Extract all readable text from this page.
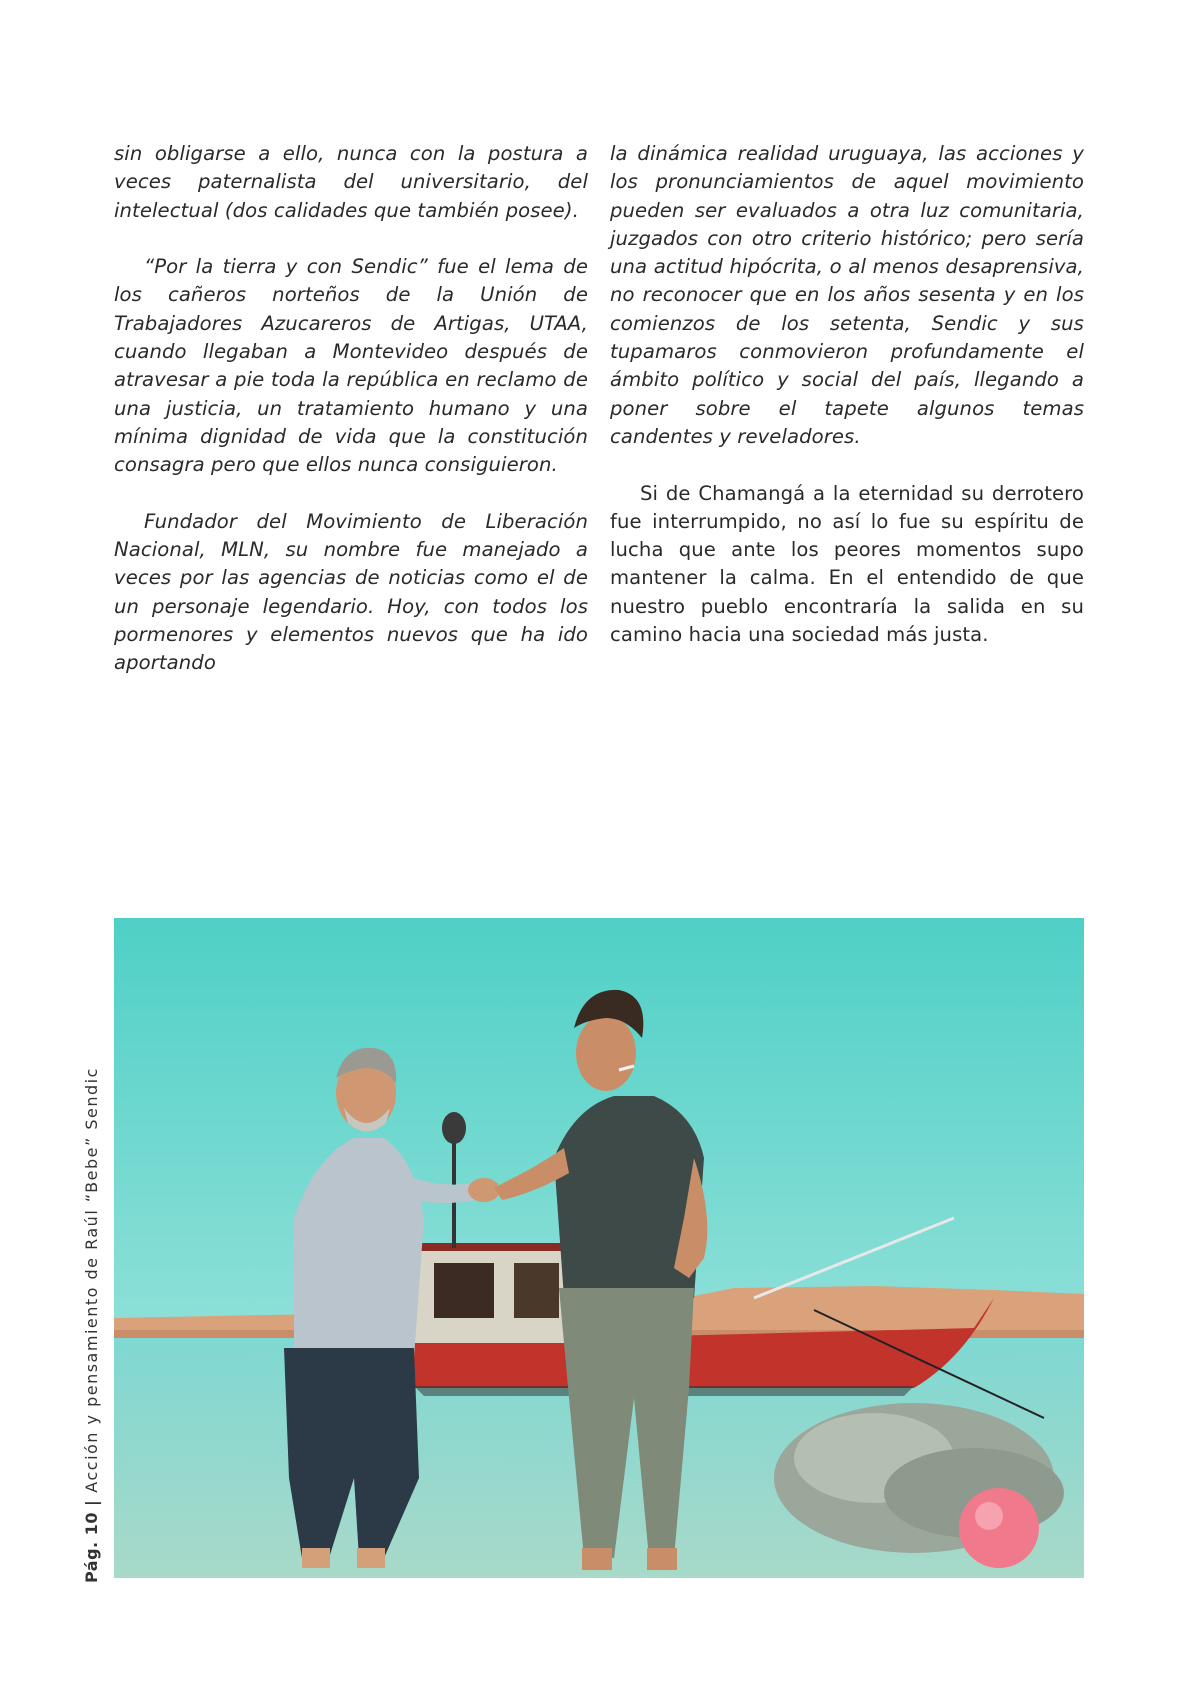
sin obligarse a ello, nunca con la postura a veces paternalista del universitario, del intelectual (dos calidades que también posee).

“Por la tierra y con Sendic” fue el lema de los cañeros norteños de la Unión de Trabajadores Azucareros de Artigas, UTAA, cuando llegaban a Montevideo después de atravesar a pie toda la república en reclamo de una justicia, un tratamiento humano y una mínima dignidad de vida que la constitución consagra pero que ellos nunca consiguieron.

Fundador del Movimiento de Liberación Nacional, MLN, su nombre fue manejado a veces por las agencias de noticias como el de un personaje legendario. Hoy, con todos los pormenores y elementos nuevos que ha ido aportando

la dinámica realidad uruguaya, las acciones y los pronunciamientos de aquel movimiento pueden ser evaluados a otra luz comunitaria, juzgados con otro criterio histórico; pero sería una actitud hipócrita, o al menos desaprensiva, no reconocer que en los años sesenta y en los comienzos de los setenta, Sendic y sus tupamaros conmovieron profundamente el ámbito político y social del país, llegando a poner sobre el tapete algunos temas candentes y reveladores.

Si de Chamangá a la eternidad su derrotero fue interrumpido, no así lo fue su espíritu de lucha que ante los peores momentos supo mantener la calma. En el entendido de que nuestro pueblo encontraría la salida en su camino hacia una sociedad más justa.

Pág. 10|Acción y pensamiento de Raúl “Bebe” Sendic
